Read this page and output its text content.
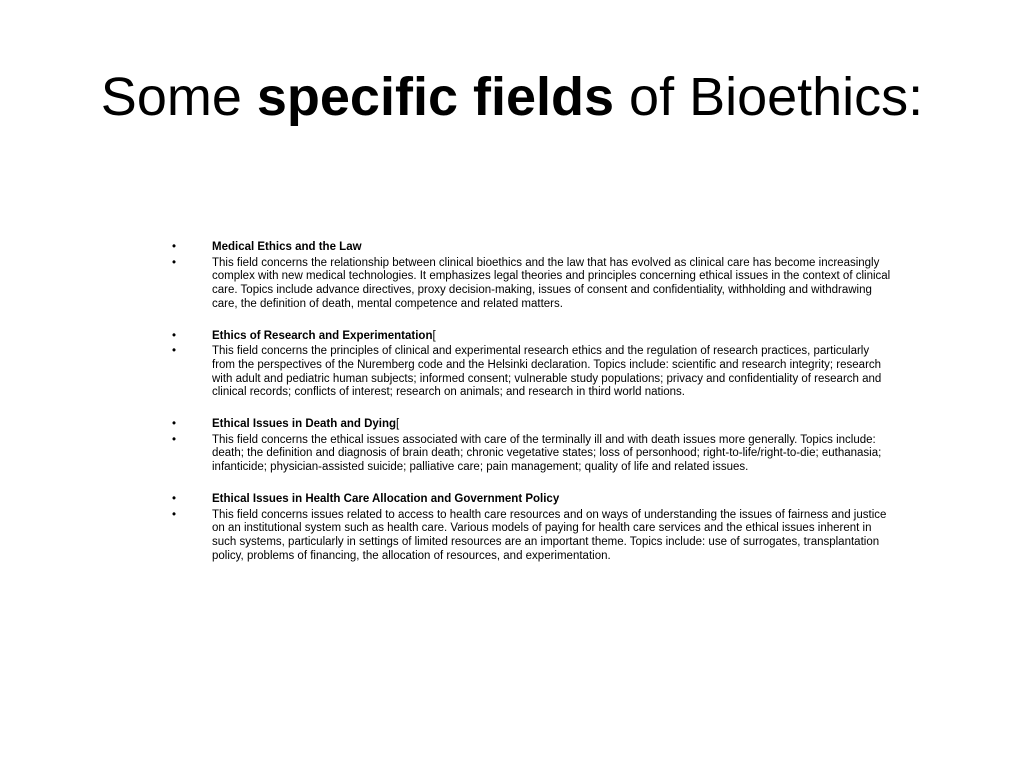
Some specific fields of Bioethics:
•	Medical Ethics and the Law
•	This field concerns the relationship between clinical bioethics and the law that has evolved as clinical care has become increasingly complex with new medical technologies. It emphasizes legal theories and principles concerning ethical issues in the context of clinical care. Topics include advance directives, proxy decision-making, issues of consent and confidentiality, withholding and withdrawing care, the definition of death, mental competence and related matters.
•	Ethics of Research and Experimentation[
•	This field concerns the principles of clinical and experimental research ethics and the regulation of research practices, particularly from the perspectives of the Nuremberg code and the Helsinki declaration. Topics include: scientific and research integrity; research with adult and pediatric human subjects; informed consent; vulnerable study populations; privacy and confidentiality of research and clinical records; conflicts of interest; research on animals; and research in third world nations.
•	Ethical Issues in Death and Dying[
•	This field concerns the ethical issues associated with care of the terminally ill and with death issues more generally. Topics include: death; the definition and diagnosis of brain death; chronic vegetative states; loss of personhood; right-to-life/right-to-die; euthanasia; infanticide; physician-assisted suicide; palliative care; pain management; quality of life and related issues.
•	Ethical Issues in Health Care Allocation and Government Policy
•	This field concerns issues related to access to health care resources and on ways of understanding the issues of fairness and justice on an institutional system such as health care. Various models of paying for health care services and the ethical issues inherent in such systems, particularly in settings of limited resources are an important theme. Topics include: use of surrogates, transplantation policy, problems of financing, the allocation of resources, and experimentation.
